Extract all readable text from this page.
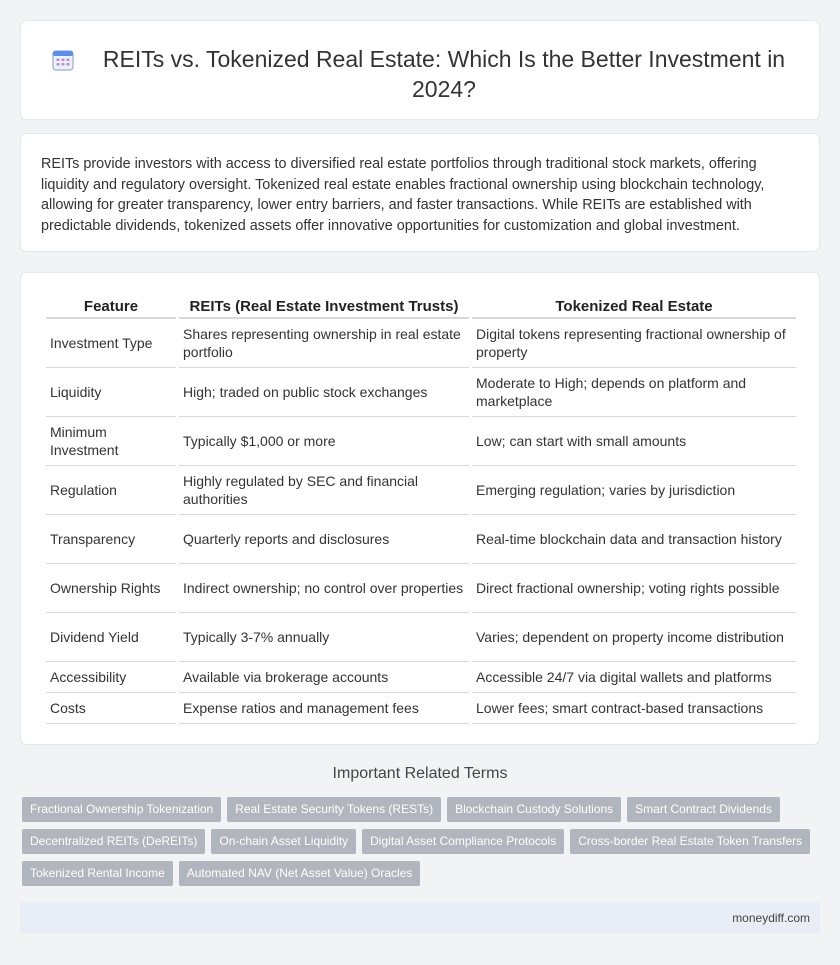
REITs vs. Tokenized Real Estate: Which Is the Better Investment in 2024?

REITs provide investors with access to diversified real estate portfolios through traditional stock markets, offering liquidity and regulatory oversight. Tokenized real estate enables fractional ownership using blockchain technology, allowing for greater transparency, lower entry barriers, and faster transactions. While REITs are established with predictable dividends, tokenized assets offer innovative opportunities for customization and global investment.

Feature	REITs (Real Estate Investment Trusts)	Tokenized Real Estate
Investment Type	Shares representing ownership in real estate portfolio	Digital tokens representing fractional ownership of property
Liquidity	High; traded on public stock exchanges	Moderate to High; depends on platform and marketplace
Minimum Investment	Typically $1,000 or more	Low; can start with small amounts
Regulation	Highly regulated by SEC and financial authorities	Emerging regulation; varies by jurisdiction
Transparency	Quarterly reports and disclosures	Real-time blockchain data and transaction history
Ownership Rights	Indirect ownership; no control over properties	Direct fractional ownership; voting rights possible
Dividend Yield	Typically 3-7% annually	Varies; dependent on property income distribution
Accessibility	Available via brokerage accounts	Accessible 24/7 via digital wallets and platforms
Costs	Expense ratios and management fees	Lower fees; smart contract-based transactions
Important Related Terms
Fractional Ownership Tokenization	Real Estate Security Tokens (RESTs)	Blockchain Custody Solutions	Smart Contract Dividends
Decentralized REITs (DeREITs)	On-chain Asset Liquidity	Digital Asset Compliance Protocols	Cross-border Real Estate Token Transfers
Tokenized Rental Income	Automated NAV (Net Asset Value) Oracles
moneydiff.com
